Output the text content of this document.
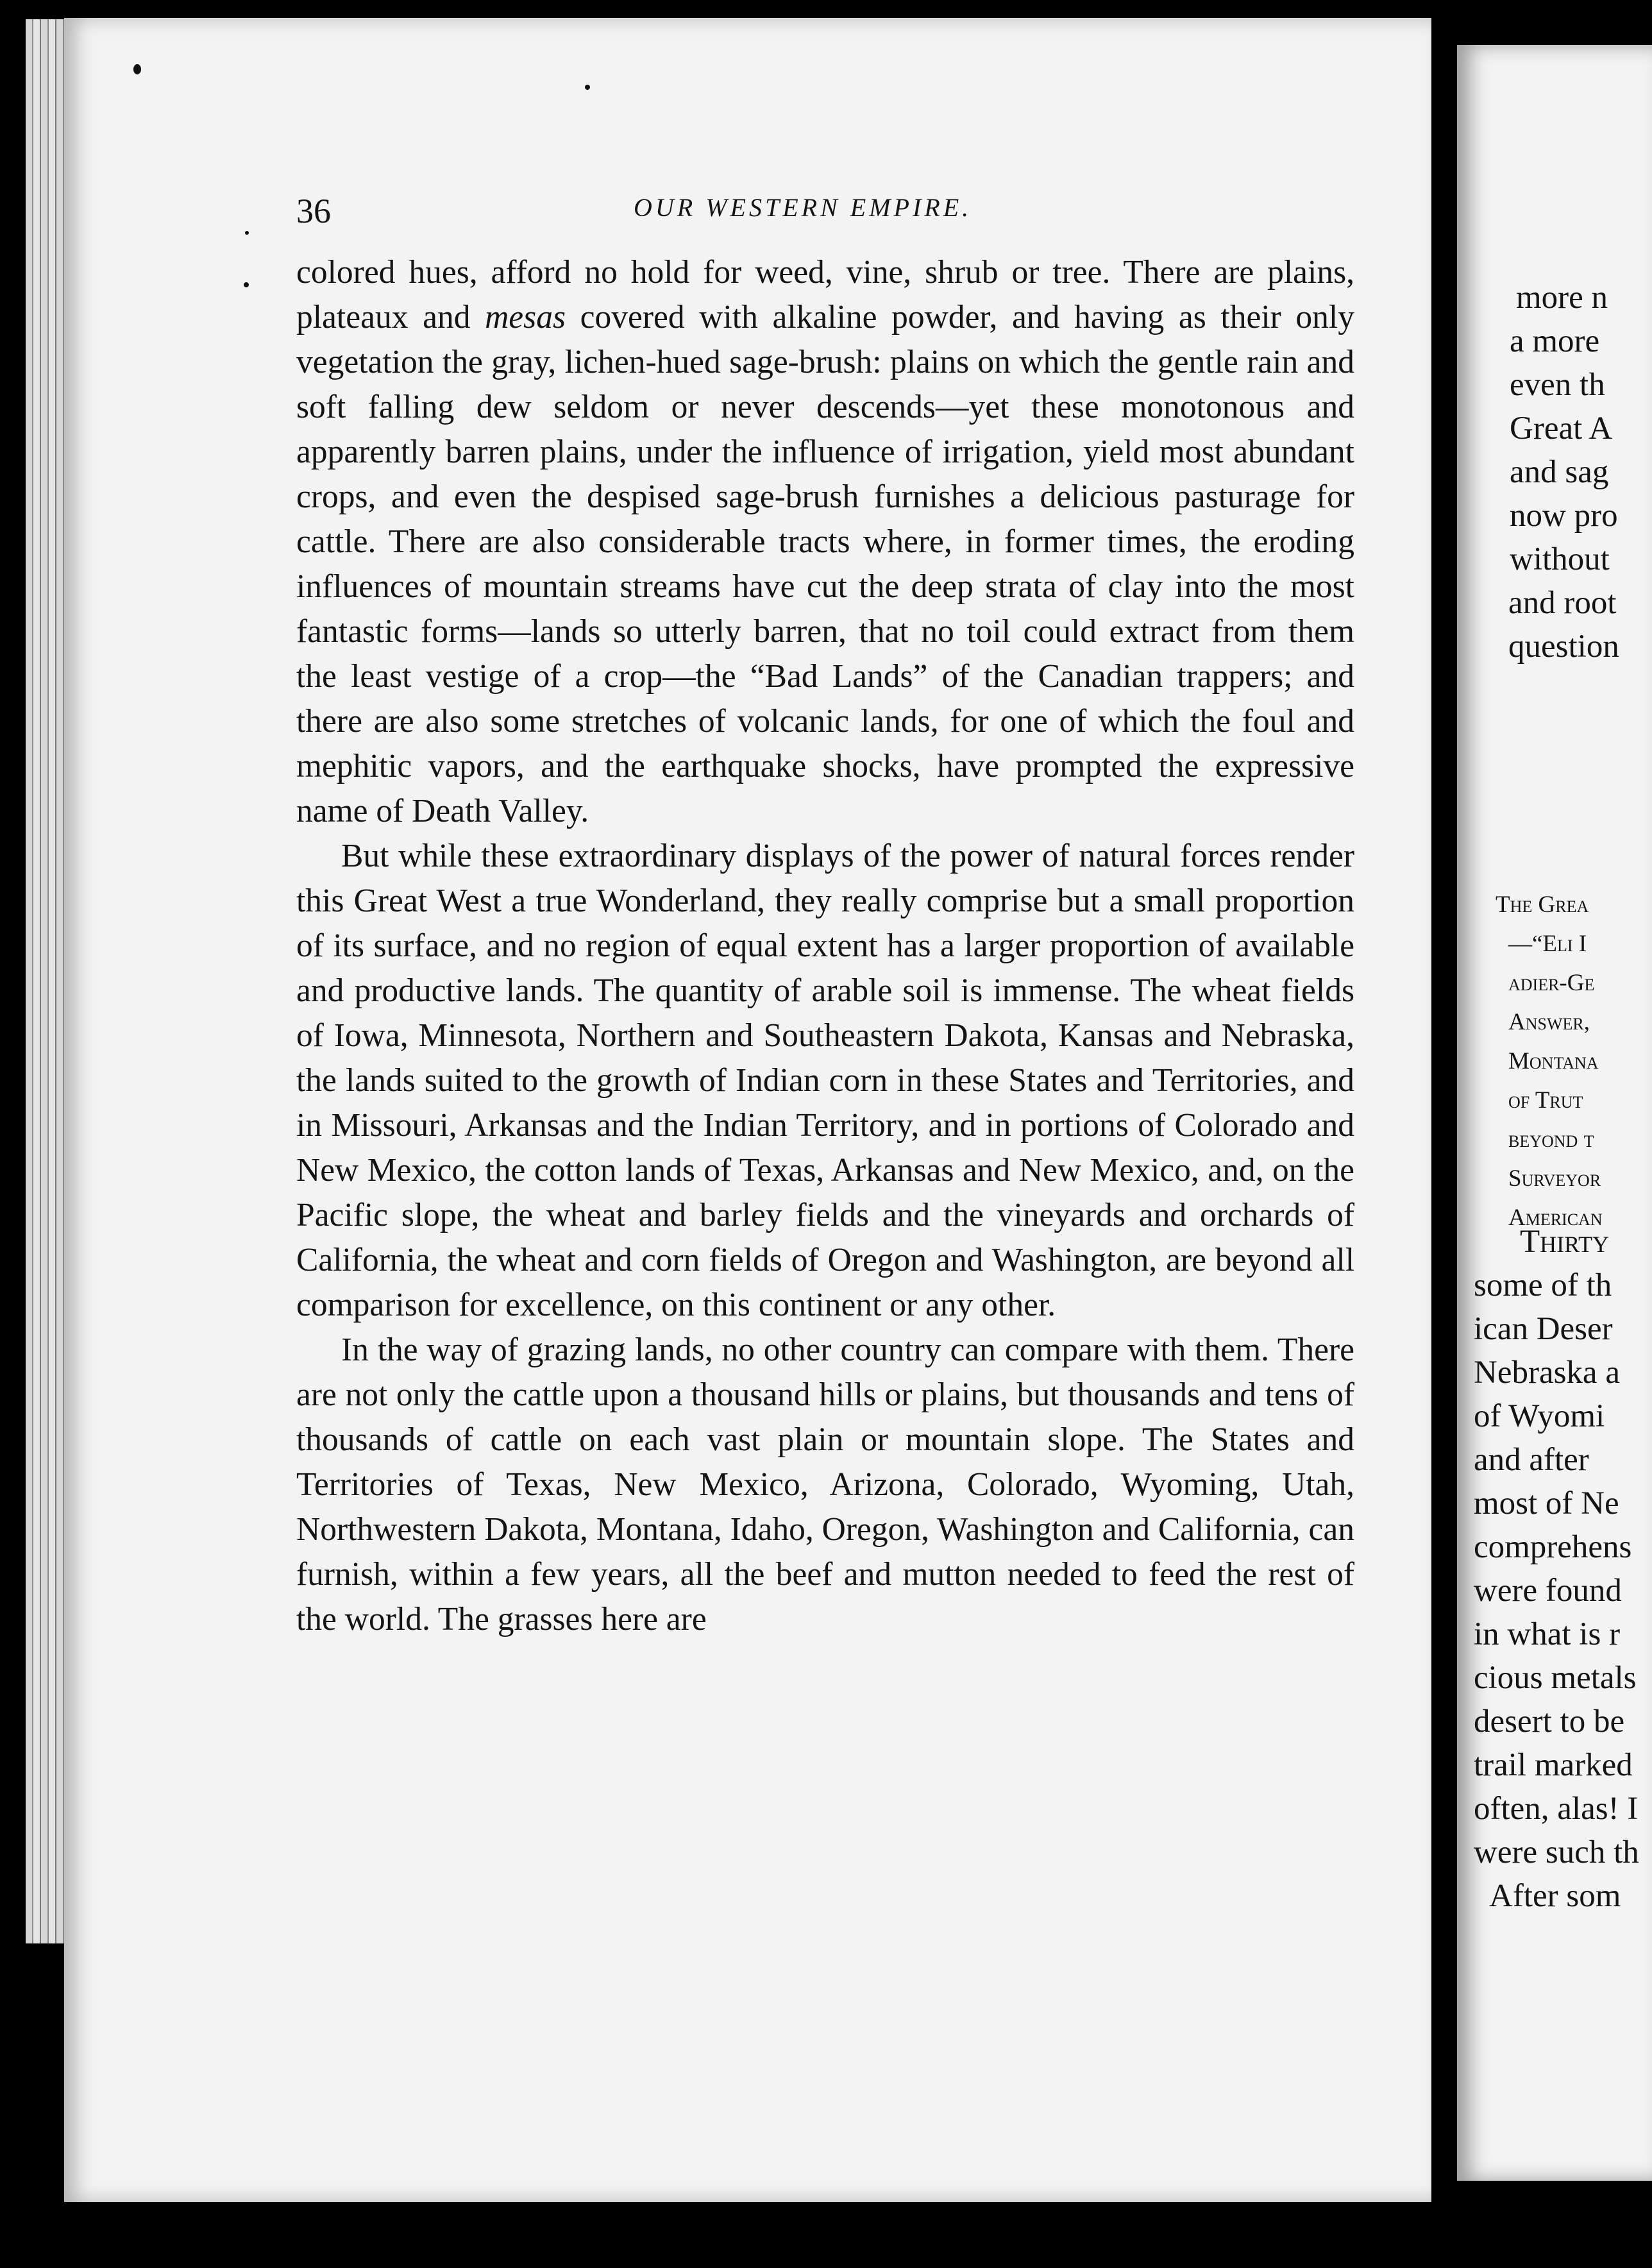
36	OUR WESTERN EMPIRE.

colored hues, afford no hold for weed, vine, shrub or tree. There are plains, plateaux and mesas covered with alkaline powder, and having as their only vegetation the gray, lichen-hued sage-brush: plains on which the gentle rain and soft falling dew seldom or never descends—yet these monotonous and apparently barren plains, under the influence of irrigation, yield most abundant crops, and even the despised sage-brush furnishes a delicious pasturage for cattle. There are also considerable tracts where, in former times, the eroding influences of mountain streams have cut the deep strata of clay into the most fantastic forms—lands so utterly barren, that no toil could extract from them the least vestige of a crop—the “Bad Lands” of the Canadian trappers; and there are also some stretches of volcanic lands, for one of which the foul and mephitic vapors, and the earthquake shocks, have prompted the expressive name of Death Valley.

But while these extraordinary displays of the power of natural forces render this Great West a true Wonderland, they really comprise but a small proportion of its surface, and no region of equal extent has a larger proportion of available and productive lands. The quantity of arable soil is immense. The wheat fields of Iowa, Minnesota, Northern and Southeastern Dakota, Kansas and Nebraska, the lands suited to the growth of Indian corn in these States and Territories, and in Missouri, Arkansas and the Indian Territory, and in portions of Colorado and New Mexico, the cotton lands of Texas, Arkansas and New Mexico, and, on the Pacific slope, the wheat and barley fields and the vineyards and orchards of California, the wheat and corn fields of Oregon and Washington, are beyond all comparison for excellence, on this continent or any other.

In the way of grazing lands, no other country can compare with them. There are not only the cattle upon a thousand hills or plains, but thousands and tens of thousands of cattle on each vast plain or mountain slope. The States and Territories of Texas, New Mexico, Arizona, Colorado, Wyoming, Utah, Northwestern Dakota, Montana, Idaho, Oregon, Washington and California, can furnish, within a few years, all the beef and mutton needed to feed the rest of the world. The grasses here are

more n
a more
even th
Great A
and sag
now pro
without
and root
question
The Grea
—“Eli I
adier-Ge
Answer,
Montana
of Trut
beyond t
Surveyor
American
Thirty
some of th
ican Deser
Nebraska a
of Wyomi
and after
most of Ne
comprehens
were found
in what is r
cious metals
desert to be
trail marked
often, alas! I
were such th
After som
